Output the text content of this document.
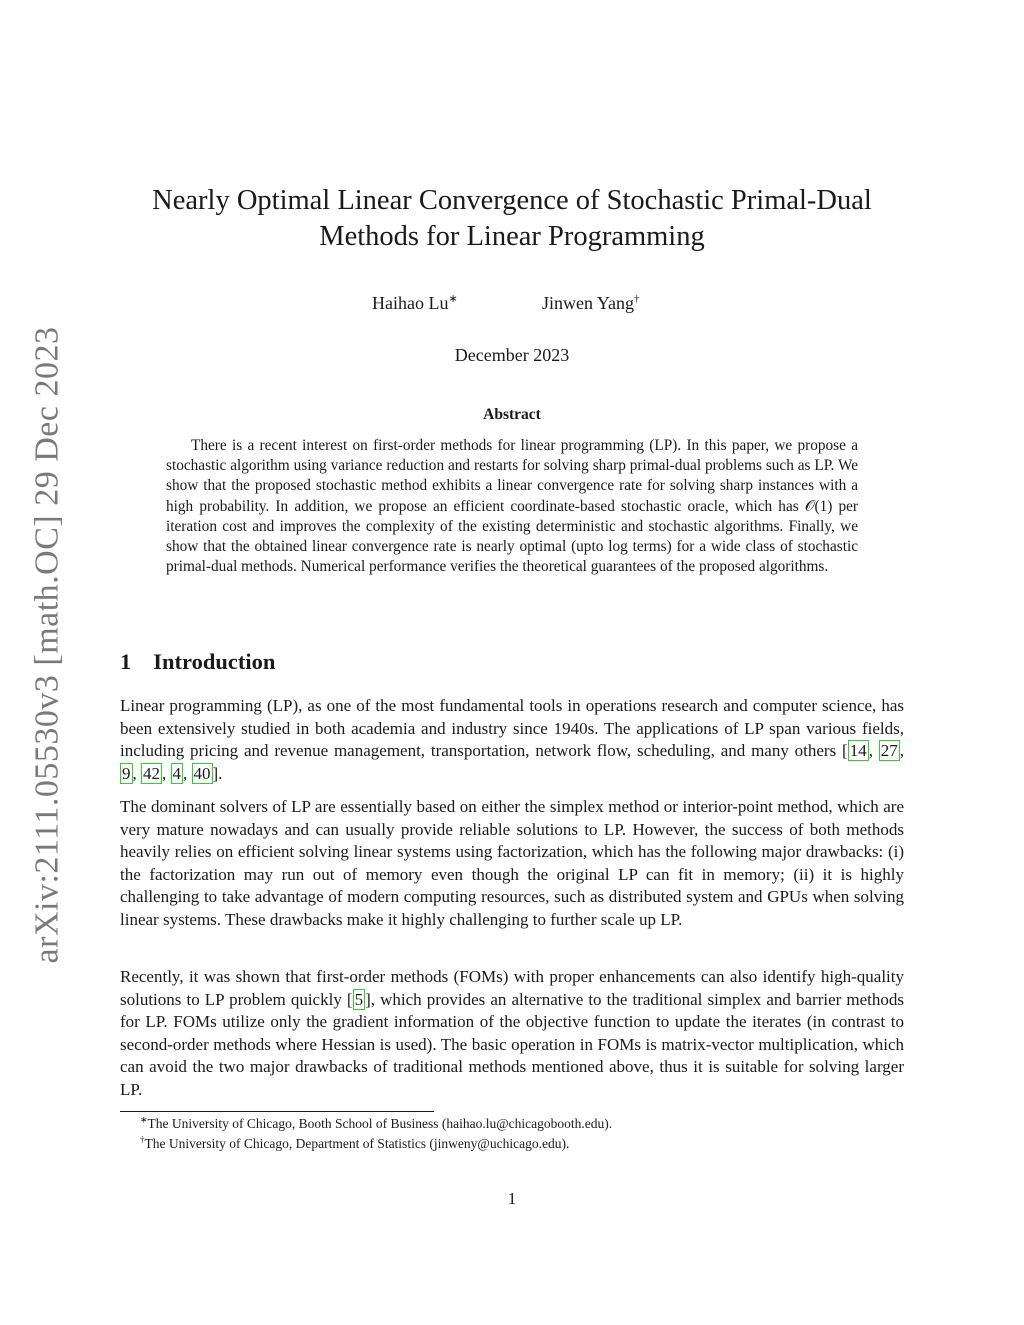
arXiv:2111.05530v3 [math.OC] 29 Dec 2023
Nearly Optimal Linear Convergence of Stochastic Primal-Dual Methods for Linear Programming
Haihao Lu∗	Jinwen Yang†
December 2023
Abstract

There is a recent interest on first-order methods for linear programming (LP). In this paper, we propose a stochastic algorithm using variance reduction and restarts for solving sharp primal-dual problems such as LP. We show that the proposed stochastic method exhibits a linear convergence rate for solving sharp instances with a high probability. In addition, we propose an efficient coordinate-based stochastic oracle, which has 𝒪(1) per iteration cost and improves the complexity of the existing deterministic and stochastic algorithms. Finally, we show that the obtained linear convergence rate is nearly optimal (upto log terms) for a wide class of stochastic primal-dual methods. Numerical performance verifies the theoretical guarantees of the proposed algorithms.

1 Introduction

Linear programming (LP), as one of the most fundamental tools in operations research and computer science, has been extensively studied in both academia and industry since 1940s. The applications of LP span various fields, including pricing and revenue management, transportation, network flow, scheduling, and many others [ 14 , 27 , 9 , 42 , 4 , 40 ].

The dominant solvers of LP are essentially based on either the simplex method or interior-point method, which are very mature nowadays and can usually provide reliable solutions to LP. However, the success of both methods heavily relies on efficient solving linear systems using factorization, which has the following major drawbacks: (i) the factorization may run out of memory even though the original LP can fit in memory; (ii) it is highly challenging to take advantage of modern computing resources, such as distributed system and GPUs when solving linear systems. These drawbacks make it highly challenging to further scale up LP.

Recently, it was shown that first-order methods (FOMs) with proper enhancements can also identify high-quality solutions to LP problem quickly [ 5 ], which provides an alternative to the traditional simplex and barrier methods for LP. FOMs utilize only the gradient information of the objective function to update the iterates (in contrast to second-order methods where Hessian is used). The basic operation in FOMs is matrix-vector multiplication, which can avoid the two major drawbacks of traditional methods mentioned above, thus it is suitable for solving larger LP.

∗The University of Chicago, Booth School of Business (haihao.lu@chicagobooth.edu).
†The University of Chicago, Department of Statistics (jinweny@uchicago.edu).
1
